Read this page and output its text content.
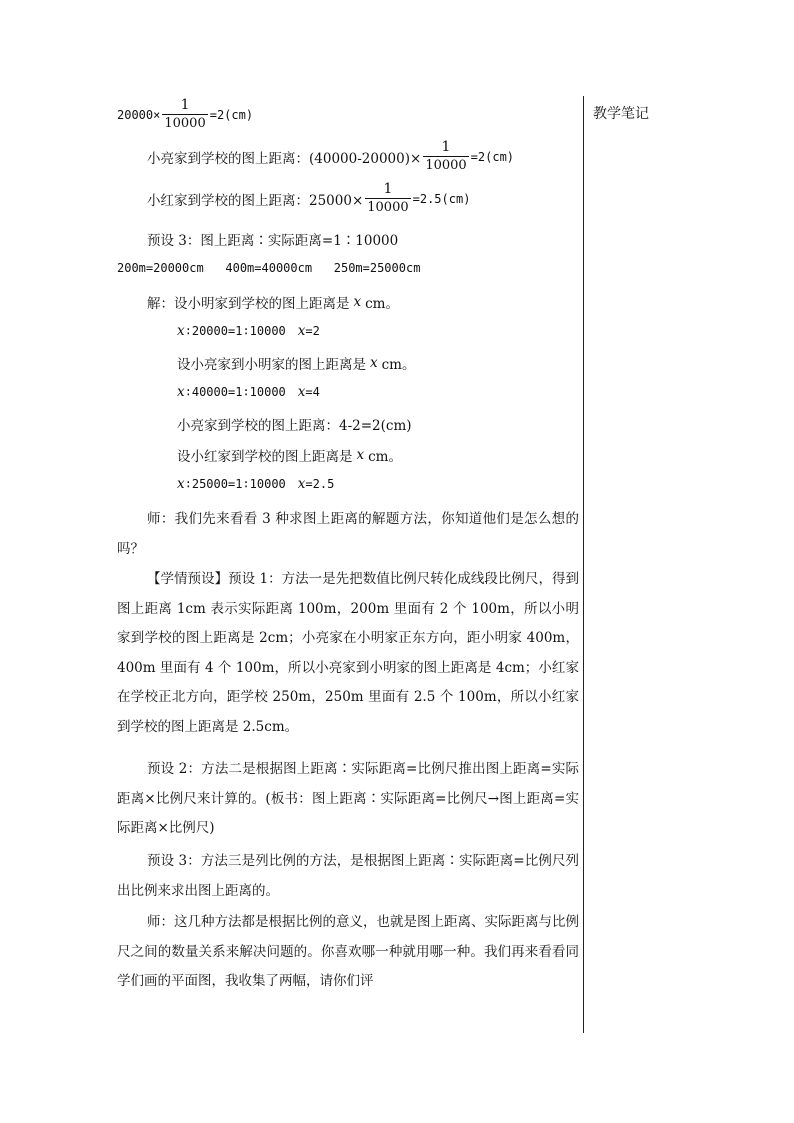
教学笔记
$20000\times \frac{1}{10000} =2(cm)$
小亮家到学校的图上距离：$(40000-20000)\times \frac{1}{10000} =2(cm)$
小红家到学校的图上距离：$25000\times \frac{1}{10000} =2.5(cm)$
预设 3：图上距离∶实际距离=1∶10000
200m=20000cm   400m=40000cm   250m=25000cm
解：设小明家到学校的图上距离是 x cm。
x ∶20000=1∶10000 x =2
设小亮家到小明家的图上距离是 x cm。
x ∶40000=1∶10000 x =4
小亮家到学校的图上距离：4-2=2(cm)
设小红家到学校的图上距离是 x cm。
x ∶25000=1∶10000 x =2.5
师：我们先来看看 3 种求图上距离的解题方法，你知道他们是怎么想的吗？
【学情预设】预设 1：方法一是先把数值比例尺转化成线段比例尺，得到图上距离 1cm 表示实际距离 100m，200m 里面有 2 个 100m，所以小明家到学校的图上距离是 2cm；小亮家在小明家正东方向，距小明家 400m，400m 里面有 4 个 100m，所以小亮家到小明家的图上距离是 4cm；小红家在学校正北方向，距学校 250m，250m 里面有 2.5 个 100m，所以小红家到学校的图上距离是 2.5cm。
预设 2：方法二是根据图上距离∶实际距离=比例尺推出图上距离=实际距离×比例尺来计算的。(板书：图上距离∶实际距离=比例尺→图上距离=实际距离×比例尺)
预设 3：方法三是列比例的方法，是根据图上距离∶实际距离=比例尺列出比例来求出图上距离的。
师：这几种方法都是根据比例的意义，也就是图上距离、实际距离与比例尺之间的数量关系来解决问题的。你喜欢哪一种就用哪一种。我们再来看看同学们画的平面图，我收集了两幅，请你们评
